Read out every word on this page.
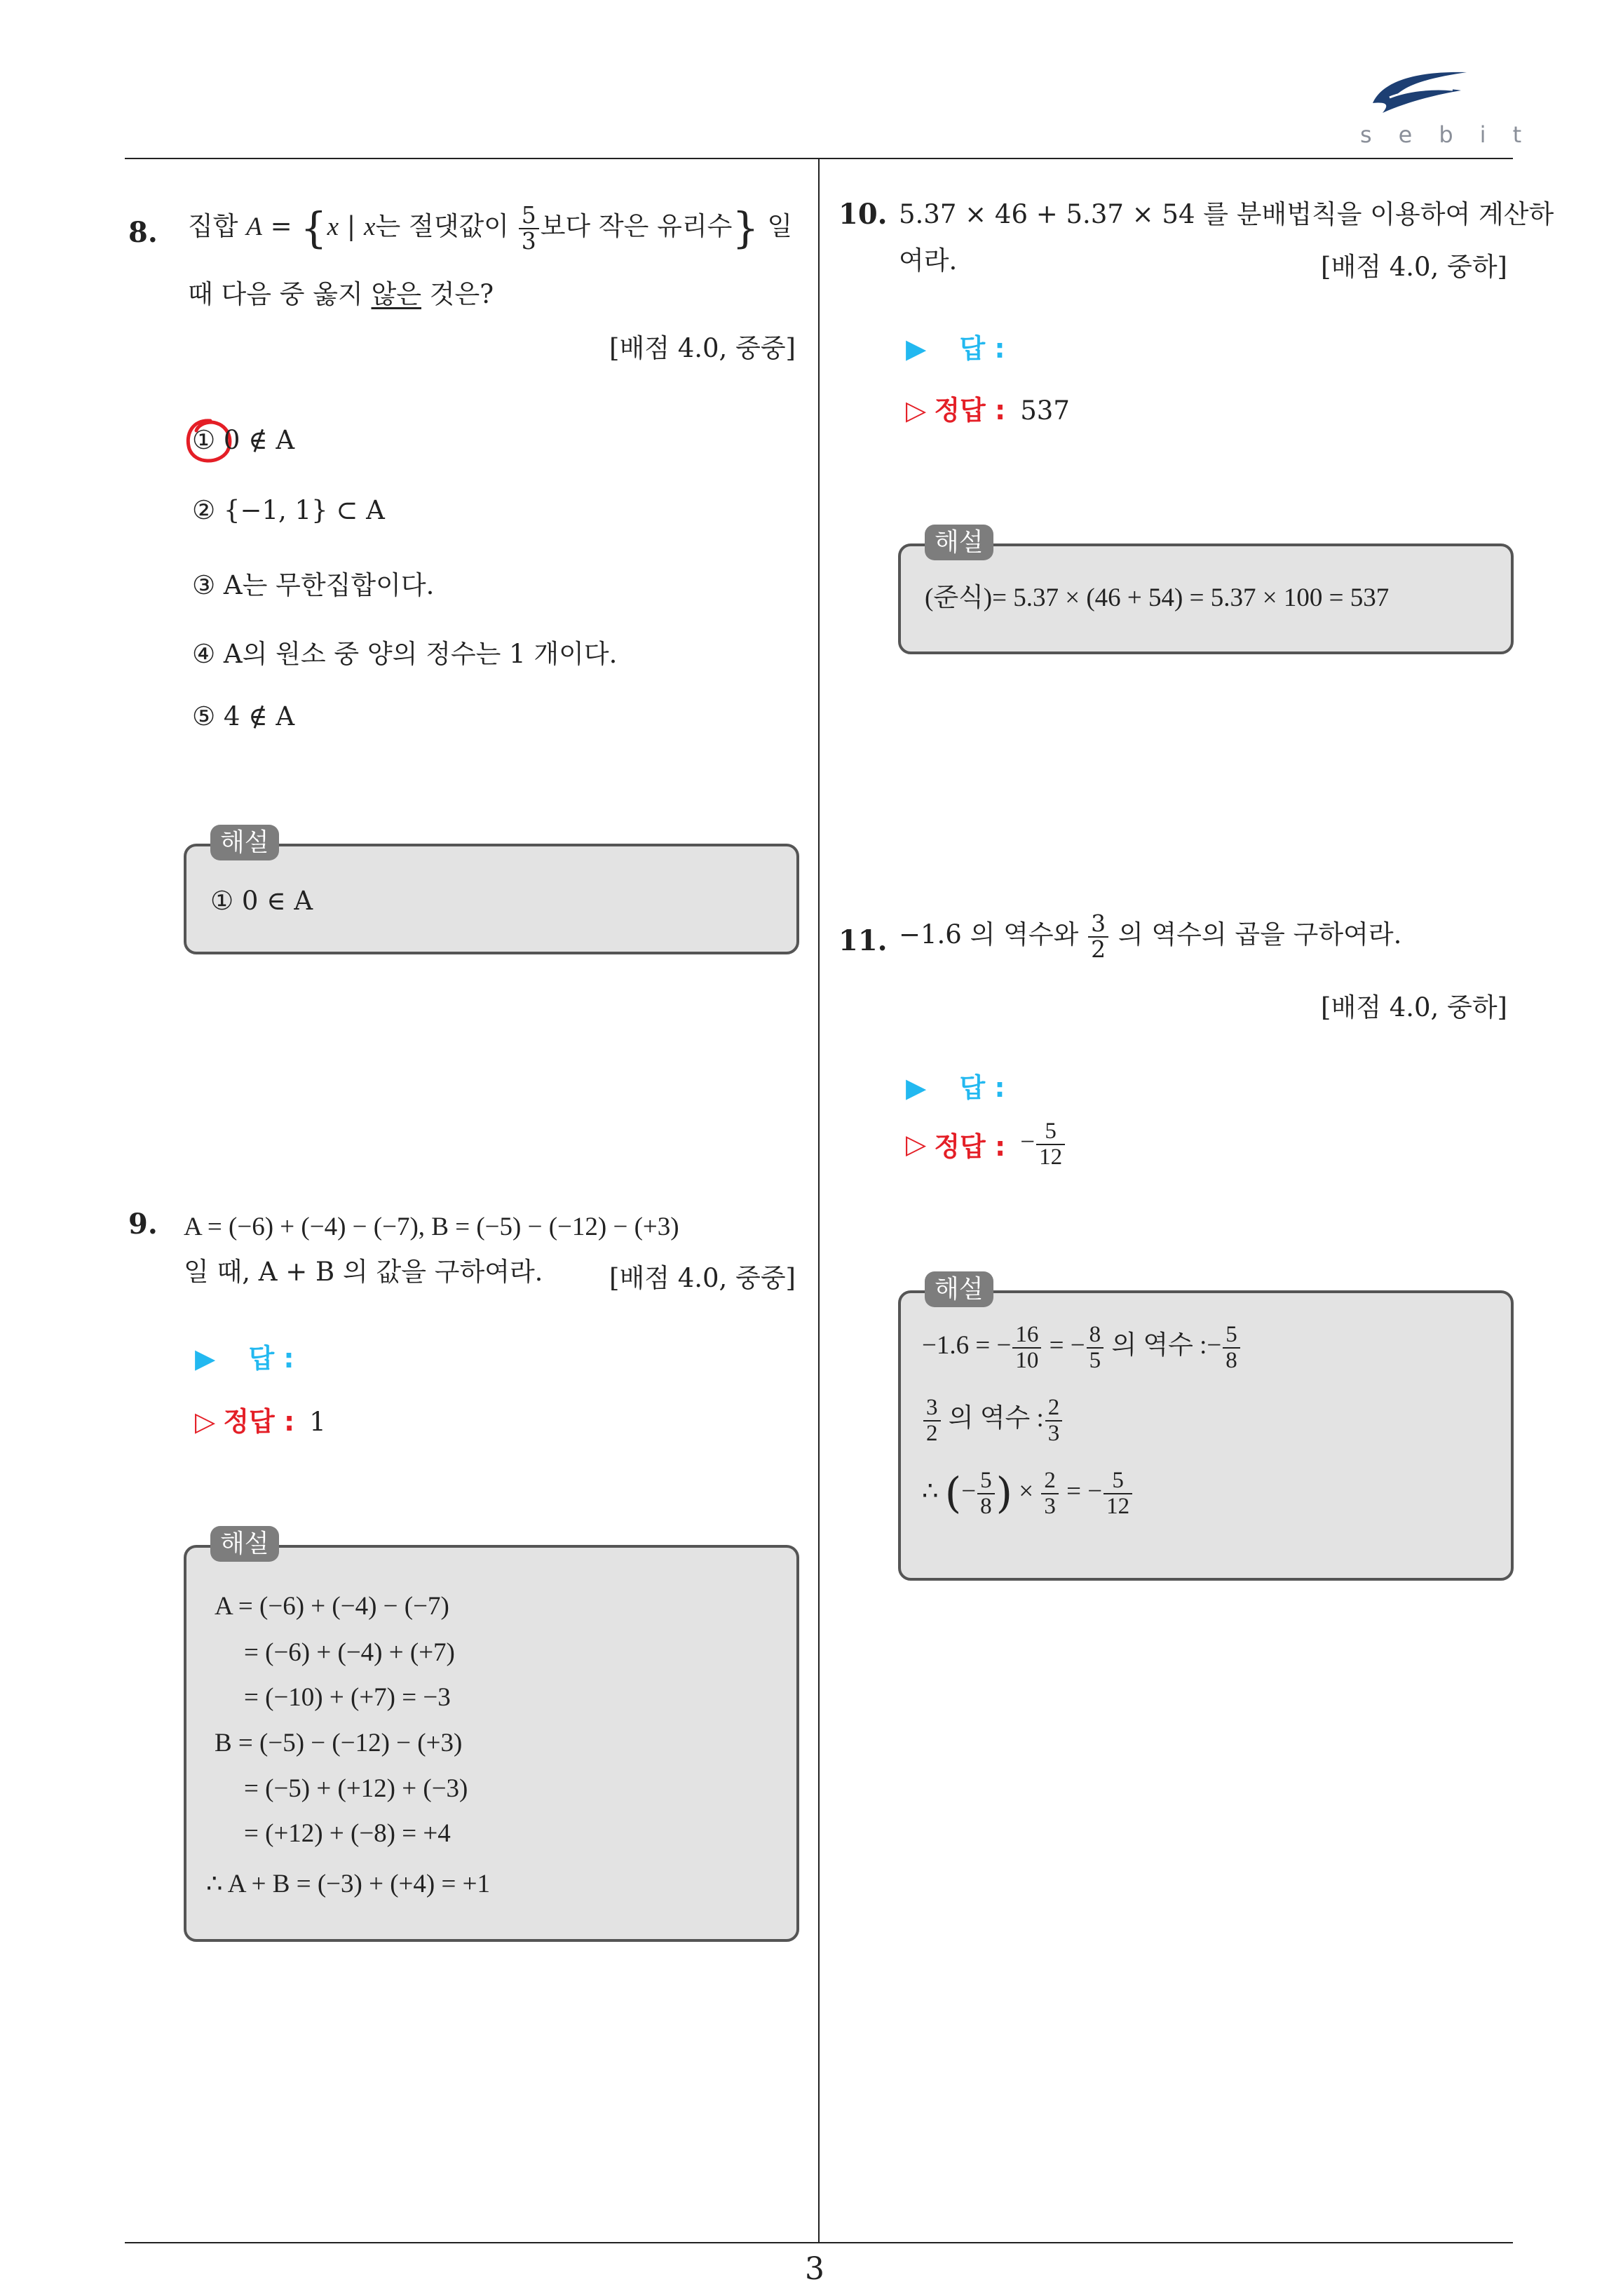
sebit
3
8. 집합 A = {x | x는 절댓값이 $\frac{5}{3}$ 보다 작은 유리수} 일
때 다음 중 옳지 않은 것은?
[배점 4.0, 중중]
① 0 ∉ A
② {−1, 1} ⊂ A
③ A는 무한집합이다.
④ A의 원소 중 양의 정수는 1 개이다.
⑤ 4 ∉ A
① 0 ∈ A
해설
9. A = (−6) + (−4) − (−7), B = (−5) − (−12) − (+3)
일 때, A + B 의 값을 구하여라.	[배점 4.0, 중중]
▶ 답 :
▷ 정답 : 1
A = (−6) + (−4) − (−7)
= (−6) + (−4) + (+7)
= (−10) + (+7) = −3
B = (−5) − (−12) − (+3)
= (−5) + (+12) + (−3)
= (+12) + (−8) = +4
∴ A + B = (−3) + (+4) = +1
해설
10. 5.37 × 46 + 5.37 × 54 를 분배법칙을 이용하여 계산하
여라.	[배점 4.0, 중하]
▶ 답 :
▷ 정답 : 537
(준식)= 5.37 × (46 + 54) = 5.37 × 100 = 537
해설
11. −1.6 의 역수와 $\frac{3}{2}$ 의 역수의 곱을 구하여라.
[배점 4.0, 중하]
▶ 답 :
▷ 정답 : − $\frac{5}{12}$
−1.6 = − $\frac{16}{10}$ = − $\frac{8}{5}$ 의 역수 :− $\frac{5}{8}$
$\frac{3}{2}$ 의 역수 : $\frac{2}{3}$
∴ (− $\frac{5}{8}$ ) × $\frac{2}{3}$ = − $\frac{5}{12}$
해설
